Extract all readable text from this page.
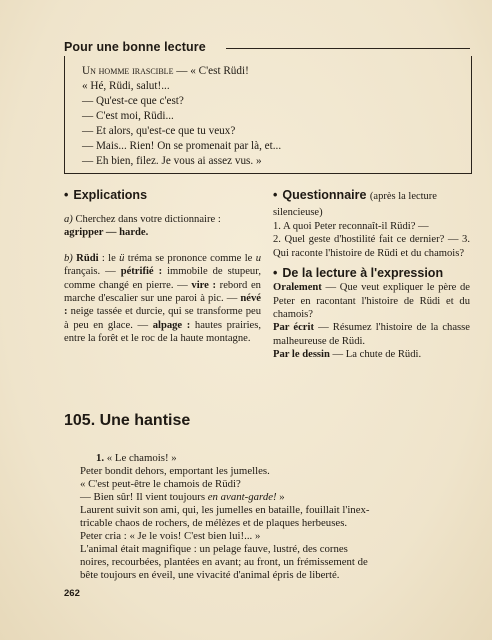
Pour une bonne lecture
Un homme irascible — « C'est Rüdi!
« Hé, Rüdi, salut!...
— Qu'est-ce que c'est?
— C'est moi, Rüdi...
— Et alors, qu'est-ce que tu veux?
— Mais... Rien! On se promenait par là, et...
— Eh bien, filez. Je vous ai assez vus. »
• Explications
a) Cherchez dans votre dictionnaire :
agripper — harde.
b) Rüdi : le ü tréma se prononce comme le u français. — pétrifié : immobile de stupeur, comme changé en pierre. — vire : rebord en marche d'escalier sur une paroi à pic. — névé : neige tassée et durcie, qui se transforme peu à peu en glace. — alpage : hautes prairies, entre la forêt et le roc de la haute montagne.
• Questionnaire (après la lecture silencieuse)
1. A quoi Peter reconnaît-il Rüdi? —
2. Quel geste d'hostilité fait ce dernier? — 3. Qui raconte l'histoire de Rüdi et du chamois?
• De la lecture à l'expression
Oralement — Que veut expliquer le père de Peter en racontant l'histoire de Rüdi et du chamois?
Par écrit — Résumez l'histoire de la chasse malheureuse de Rüdi.
Par le dessin — La chute de Rüdi.
105. Une hantise
1. « Le chamois! »
Peter bondit dehors, emportant les jumelles.
« C'est peut-être le chamois de Rüdi?
— Bien sûr! Il vient toujours en avant-garde! »
Laurent suivit son ami, qui, les jumelles en bataille, fouillait l'inex-
tricable chaos de rochers, de mélèzes et de plaques herbeuses.
Peter cria : « Je le vois! C'est bien lui!... »
L'animal était magnifique : un pelage fauve, lustré, des cornes
noires, recourbées, plantées en avant; au front, un frémissement de
bête toujours en éveil, une vivacité d'animal épris de liberté.
262
